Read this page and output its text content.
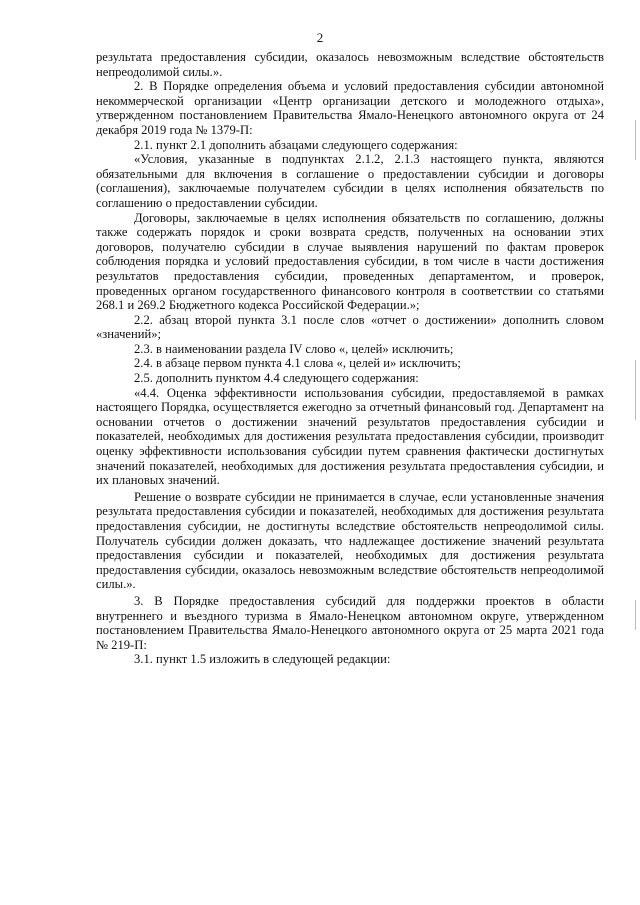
2

результата предоставления субсидии, оказалось невозможным вследствие обстоятельств непреодолимой силы.».

2. В Порядке определения объема и условий предоставления субсидии автономной некоммерческой организации «Центр организации детского и молодежного отдыха», утвержденном постановлением Правительства Ямало-Ненецкого автономного округа от 24 декабря 2019 года № 1379-П:

2.1. пункт 2.1 дополнить абзацами следующего содержания:

«Условия, указанные в подпунктах 2.1.2, 2.1.3 настоящего пункта, являются обязательными для включения в соглашение о предоставлении субсидии и договоры (соглашения), заключаемые получателем субсидии в целях исполнения обязательств по соглашению о предоставлении субсидии.

Договоры, заключаемые в целях исполнения обязательств по соглашению, должны также содержать порядок и сроки возврата средств, полученных на основании этих договоров, получателю субсидии в случае выявления нарушений по фактам проверок соблюдения порядка и условий предоставления субсидии, в том числе в части достижения результатов предоставления субсидии, проведенных департаментом, и проверок, проведенных органом государственного финансового контроля в соответствии со статьями 268.1 и 269.2 Бюджетного кодекса Российской Федерации.»;

2.2. абзац второй пункта 3.1 после слов «отчет о достижении» дополнить словом «значений»;

2.3. в наименовании раздела IV слово «, целей» исключить;

2.4. в абзаце первом пункта 4.1 слова «, целей и» исключить;

2.5. дополнить пунктом 4.4 следующего содержания:

«4.4. Оценка эффективности использования субсидии, предоставляемой в рамках настоящего Порядка, осуществляется ежегодно за отчетный финансовый год. Департамент на основании отчетов о достижении значений результатов предоставления субсидии и показателей, необходимых для достижения результата предоставления субсидии, производит оценку эффективности использования субсидии путем сравнения фактически достигнутых значений показателей, необходимых для достижения результата предоставления субсидии, и их плановых значений.

Решение о возврате субсидии не принимается в случае, если установленные значения результата предоставления субсидии и показателей, необходимых для достижения результата предоставления субсидии, не достигнуты вследствие обстоятельств непреодолимой силы. Получатель субсидии должен доказать, что надлежащее достижение значений результата предоставления субсидии и показателей, необходимых для достижения результата предоставления субсидии, оказалось невозможным вследствие обстоятельств непреодолимой силы.».

3. В Порядке предоставления субсидий для поддержки проектов в области внутреннего и въездного туризма в Ямало-Ненецком автономном округе, утвержденном постановлением Правительства Ямало-Ненецкого автономного округа от 25 марта 2021 года № 219-П:

3.1. пункт 1.5 изложить в следующей редакции:
